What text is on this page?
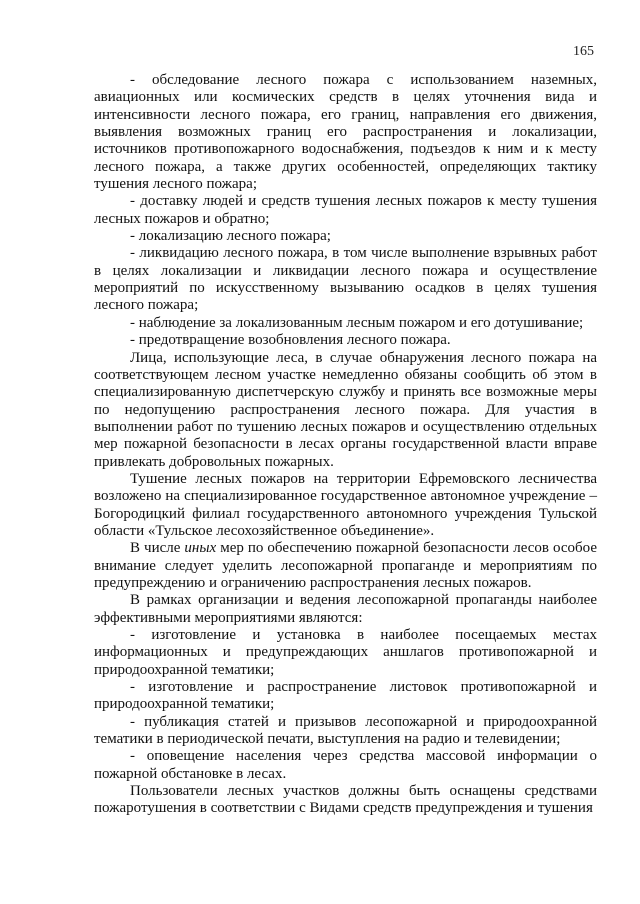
165

- обследование лесного пожара с использованием наземных, авиационных или космических средств в целях уточнения вида и интенсивности лесного пожара, его границ, направления его движения, выявления возможных границ его распространения и локализации, источников противопожарного водоснабжения, подъездов к ним и к месту лесного пожара, а также других особенностей, определяющих тактику тушения лесного пожара;

- доставку людей и средств тушения лесных пожаров к месту тушения лесных пожаров и обратно;

- локализацию лесного пожара;

- ликвидацию лесного пожара, в том числе выполнение взрывных работ в целях локализации и ликвидации лесного пожара и осуществление мероприятий по искусственному вызыванию осадков в целях тушения лесного пожара;

- наблюдение за локализованным лесным пожаром и его дотушивание;

- предотвращение возобновления лесного пожара.

Лица, использующие леса, в случае обнаружения лесного пожара на соответствующем лесном участке немедленно обязаны сообщить об этом в специализированную диспетчерскую службу и принять все возможные меры по недопущению распространения лесного пожара. Для участия в выполнении работ по тушению лесных пожаров и осуществлению отдельных мер пожарной безопасности в лесах органы государственной власти вправе привлекать добровольных пожарных.

Тушение лесных пожаров на территории Ефремовского лесничества возложено на специализированное государственное автономное учреждение – Богородицкий филиал государственного автономного учреждения Тульской области «Тульское лесохозяйственное объединение».

В числе иных мер по обеспечению пожарной безопасности лесов особое внимание следует уделить лесопожарной пропаганде и мероприятиям по предупреждению и ограничению распространения лесных пожаров.

В рамках организации и ведения лесопожарной пропаганды наиболее эффективными мероприятиями являются:

- изготовление и установка в наиболее посещаемых местах информационных и предупреждающих аншлагов противопожарной и природоохранной тематики;

- изготовление и распространение листовок противопожарной и природоохранной тематики;

- публикация статей и призывов лесопожарной и природоохранной тематики в периодической печати, выступления на радио и телевидении;

- оповещение населения через средства массовой информации о пожарной обстановке в лесах.

Пользователи лесных участков должны быть оснащены средствами пожаротушения в соответствии с Видами средств предупреждения и тушения
